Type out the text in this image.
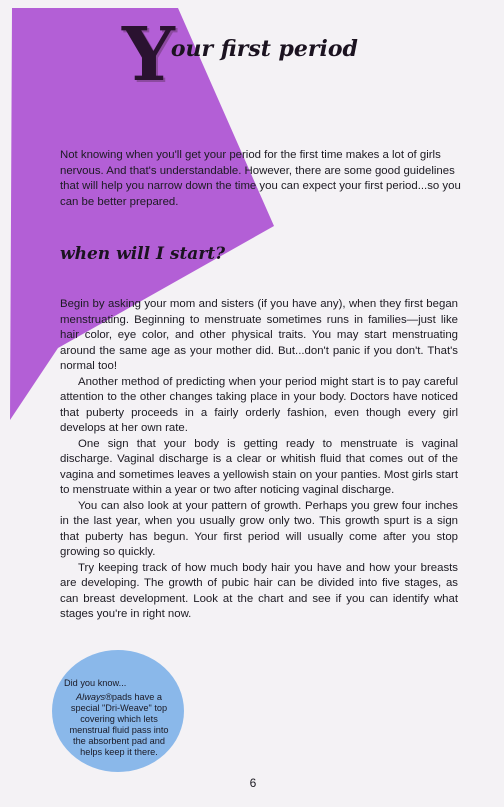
Y
our first period

Not knowing when you'll get your period for the first time makes a lot of girls nervous. And that's understandable. However, there are some good guidelines that will help you narrow down the time you can expect your first period...so you can be better prepared.

when will I start?

Begin by asking your mom and sisters (if you have any), when they first began menstruating. Beginning to menstruate sometimes runs in families—just like hair color, eye color, and other physical traits. You may start menstruating around the same age as your mother did. But...don't panic if you don't. That's normal too!

Another method of predicting when your period might start is to pay careful attention to the other changes taking place in your body. Doctors have noticed that puberty proceeds in a fairly orderly fashion, even though every girl develops at her own rate.

One sign that your body is getting ready to menstruate is vaginal discharge. Vaginal discharge is a clear or whitish fluid that comes out of the vagina and sometimes leaves a yellowish stain on your panties. Most girls start to menstruate within a year or two after noticing vaginal discharge.

You can also look at your pattern of growth. Perhaps you grew four inches in the last year, when you usually grow only two. This growth spurt is a sign that puberty has begun. Your first period will usually come after you stop growing so quickly.

Try keeping track of how much body hair you have and how your breasts are developing. The growth of pubic hair can be divided into five stages, as can breast development. Look at the chart and see if you can identify what stages you're in right now.

Did you know...
Always®pads have a special "Dri-Weave" top covering which lets menstrual fluid pass into the absorbent pad and helps keep it there.
6
